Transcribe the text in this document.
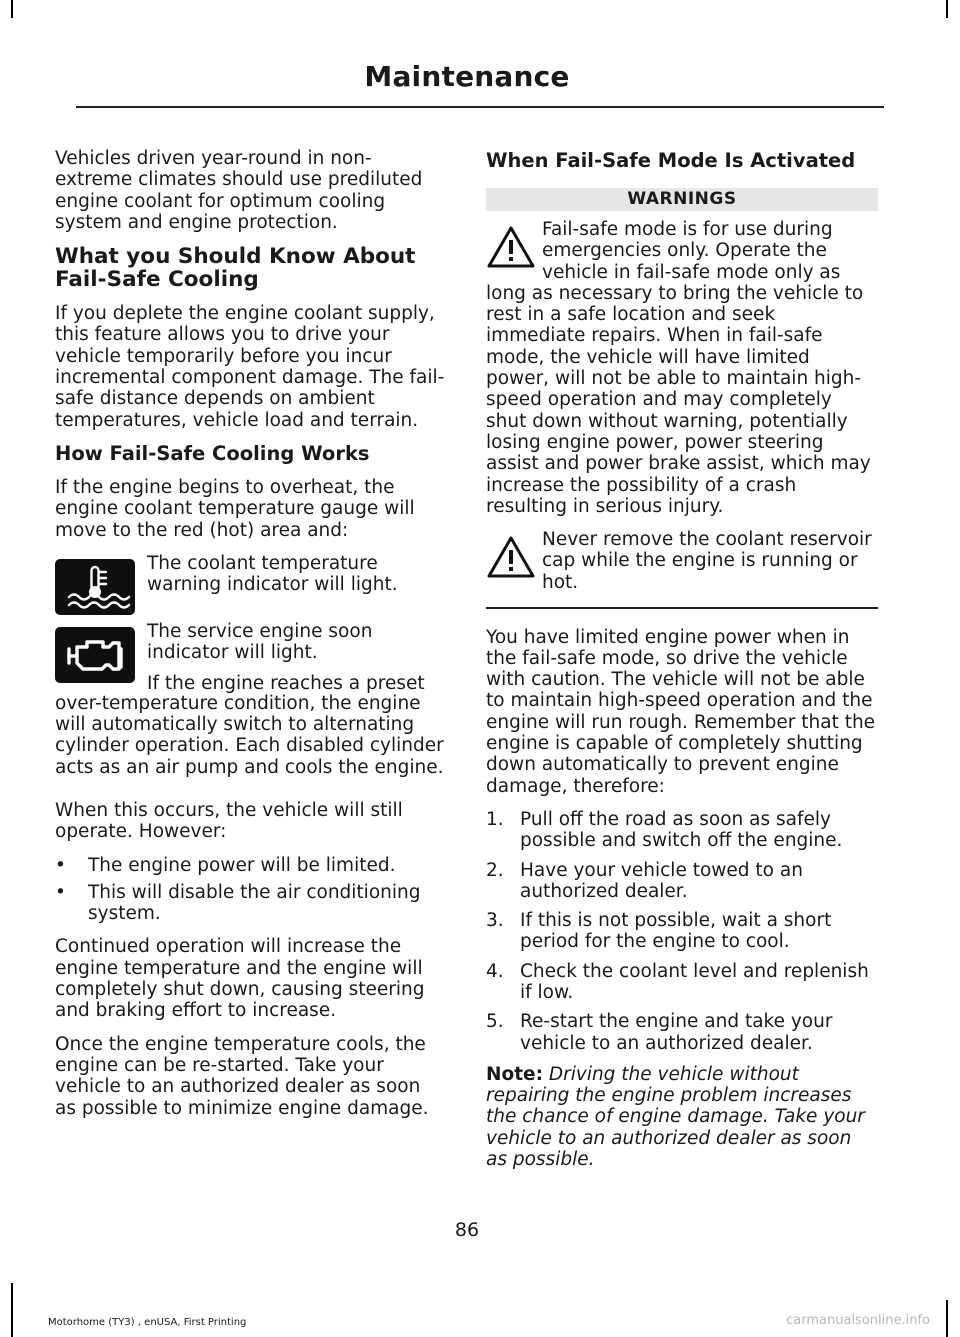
Maintenance

Vehicles driven year-round in non-extreme climates should use prediluted engine coolant for optimum cooling system and engine protection.

What you Should Know About Fail-Safe Cooling

If you deplete the engine coolant supply, this feature allows you to drive your vehicle temporarily before you incur incremental component damage. The fail-safe distance depends on ambient temperatures, vehicle load and terrain.

How Fail-Safe Cooling Works

If the engine begins to overheat, the engine coolant temperature gauge will move to the red (hot) area and:

The coolant temperature warning indicator will light.

The service engine soon indicator will light.

If the engine reaches a preset

over-temperature condition, the engine will automatically switch to alternating cylinder operation. Each disabled cylinder acts as an air pump and cools the engine.

When this occurs, the vehicle will still operate. However:

• The engine power will be limited.
• This will disable the air conditioning system.

Continued operation will increase the engine temperature and the engine will completely shut down, causing steering and braking effort to increase.

Once the engine temperature cools, the engine can be re-started. Take your vehicle to an authorized dealer as soon as possible to minimize engine damage.

When Fail-Safe Mode Is Activated
WARNINGS

Fail-safe mode is for use during emergencies only. Operate the vehicle in fail-safe mode only as long as necessary to bring the vehicle to rest in a safe location and seek immediate repairs. When in fail-safe mode, the vehicle will have limited power, will not be able to maintain high-speed operation and may completely shut down without warning, potentially losing engine power, power steering assist and power brake assist, which may increase the possibility of a crash resulting in serious injury.

Never remove the coolant reservoir cap while the engine is running or hot.

You have limited engine power when in the fail-safe mode, so drive the vehicle with caution. The vehicle will not be able to maintain high-speed operation and the engine will run rough. Remember that the engine is capable of completely shutting down automatically to prevent engine damage, therefore:

1. Pull off the road as soon as safely possible and switch off the engine.
2. Have your vehicle towed to an authorized dealer.
3. If this is not possible, wait a short period for the engine to cool.
4. Check the coolant level and replenish if low.
5. Re-start the engine and take your vehicle to an authorized dealer.

Note: Driving the vehicle without repairing the engine problem increases the chance of engine damage. Take your vehicle to an authorized dealer as soon as possible.

86
Motorhome (TY3) , enUSA, First Printing	carmanualsonline.info
